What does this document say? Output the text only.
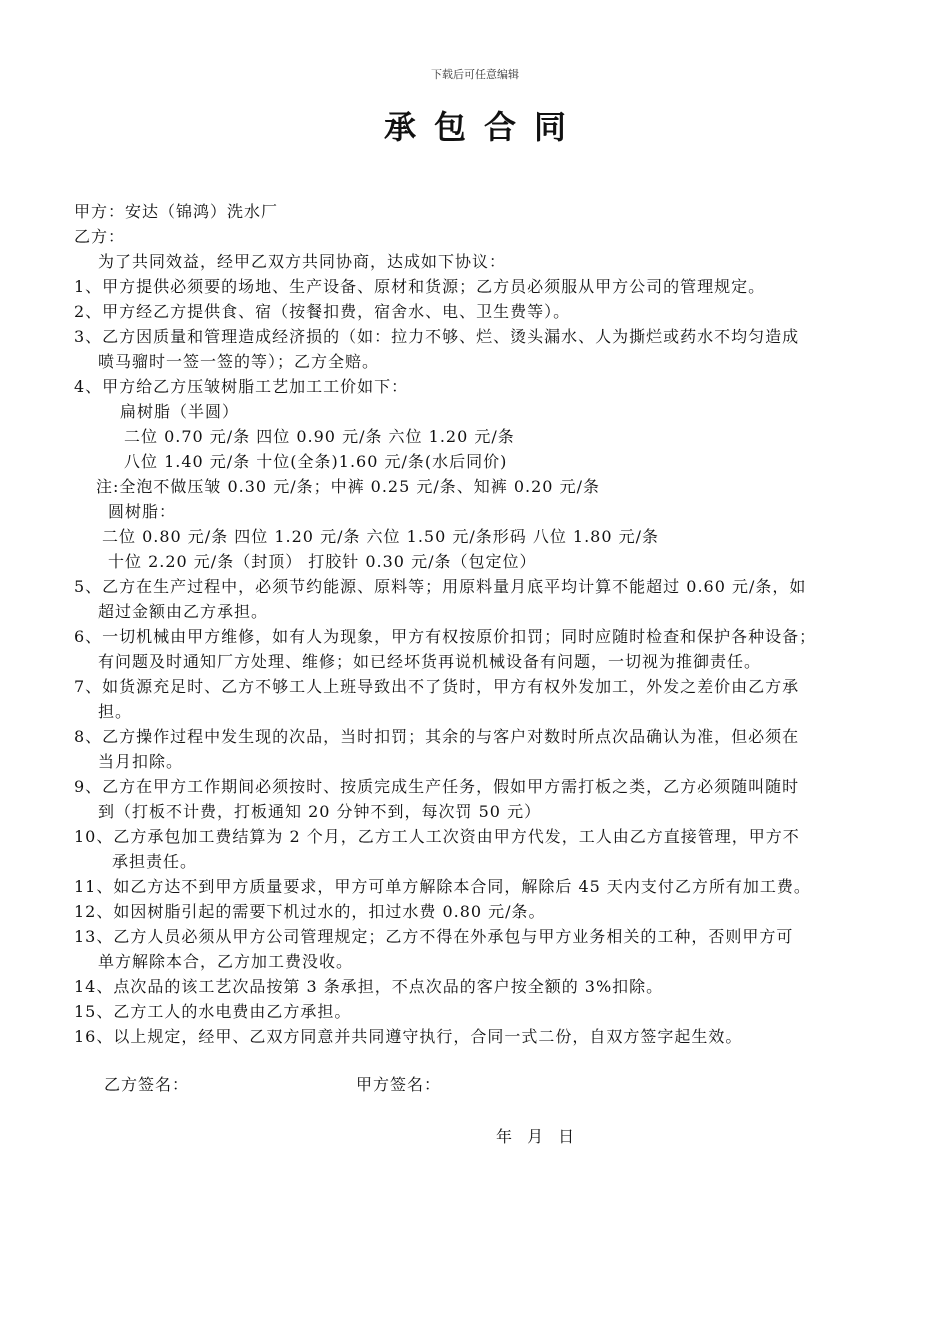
下载后可任意编辑
承包合同
甲方：安达（锦鸿）洗水厂
乙方：
为了共同效益，经甲乙双方共同协商，达成如下协议：
1、甲方提供必须要的场地、生产设备、原材和货源；乙方员必须服从甲方公司的管理规定。
2、甲方经乙方提供食、宿（按餐扣费，宿舍水、电、卫生费等）。
3、乙方因质量和管理造成经济损的（如：拉力不够、烂、烫头漏水、人为撕烂或药水不均匀造成
喷马骝时一签一签的等）；乙方全赔。
4、甲方给乙方压皱树脂工艺加工工价如下：
扁树脂（半圆）
二位 0.70 元/条 四位 0.90 元/条 六位 1.20 元/条
八位 1.40 元/条 十位(全条)1.60 元/条(水后同价)
注:全泡不做压皱 0.30 元/条；中裤 0.25 元/条、知裤 0.20 元/条
圆树脂：
二位 0.80 元/条 四位 1.20 元/条 六位 1.50 元/条形码 八位 1.80 元/条
十位 2.20 元/条（封顶） 打胶针 0.30 元/条（包定位）
5、乙方在生产过程中，必须节约能源、原料等；用原料量月底平均计算不能超过 0.60 元/条，如
超过金额由乙方承担。
6、一切机械由甲方维修，如有人为现象，甲方有权按原价扣罚；同时应随时检查和保护各种设备；
有问题及时通知厂方处理、维修；如已经坏货再说机械设备有问题，一切视为推御责任。
7、如货源充足时、乙方不够工人上班导致出不了货时，甲方有权外发加工，外发之差价由乙方承
担。
8、乙方操作过程中发生现的次品，当时扣罚；其余的与客户对数时所点次品确认为准，但必须在
当月扣除。
9、乙方在甲方工作期间必须按时、按质完成生产任务，假如甲方需打板之类，乙方必须随叫随时
到（打板不计费，打板通知 20 分钟不到，每次罚 50 元）
10、乙方承包加工费结算为 2 个月，乙方工人工次资由甲方代发，工人由乙方直接管理，甲方不
承担责任。
11、如乙方达不到甲方质量要求，甲方可单方解除本合同，解除后 45 天内支付乙方所有加工费。
12、如因树脂引起的需要下机过水的，扣过水费 0.80 元/条。
13、乙方人员必须从甲方公司管理规定；乙方不得在外承包与甲方业务相关的工种，否则甲方可
单方解除本合，乙方加工费没收。
14、点次品的该工艺次品按第 3 条承担，不点次品的客户按全额的 3%扣除。
15、乙方工人的水电费由乙方承担。
16、以上规定，经甲、乙双方同意并共同遵守执行，合同一式二份，自双方签字起生效。
乙方签名：	甲方签名：
年 月 日
